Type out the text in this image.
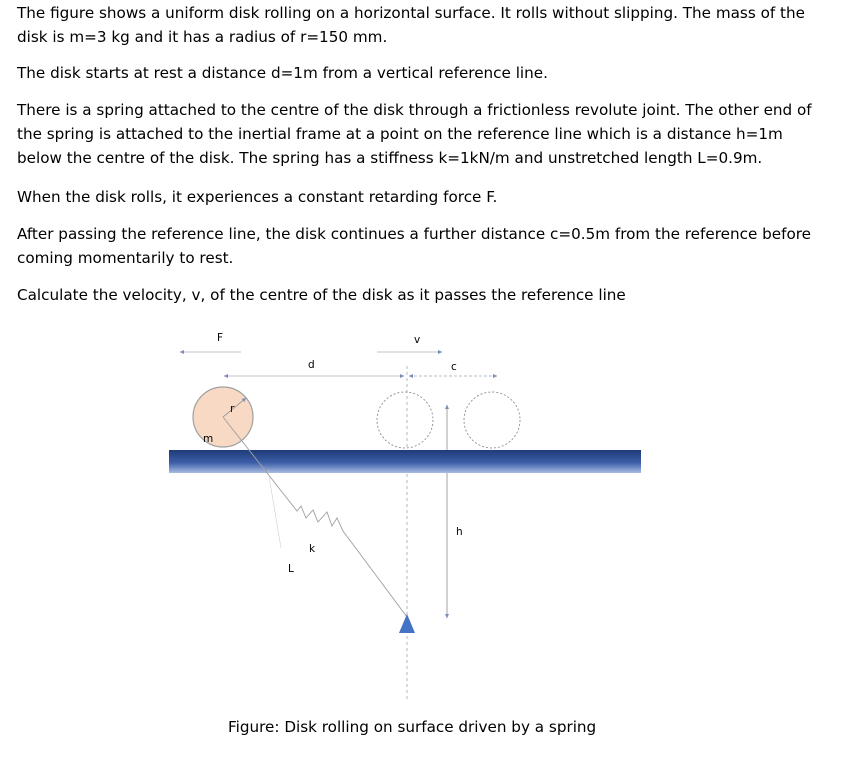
The figure shows a uniform disk rolling on a horizontal surface. It rolls without slipping. The mass of the disk is m=3 kg and it has a radius of r=150 mm.

The disk starts at rest a distance d=1m from a vertical reference line.

There is a spring attached to the centre of the disk through a frictionless revolute joint. The other end of the spring is attached to the inertial frame at a point on the reference line which is a distance h=1m below the centre of the disk. The spring has a stiffness k=1kN/m and unstretched length L=0.9m.

When the disk rolls, it experiences a constant retarding force F.

After passing the reference line, the disk continues a further distance c=0.5m from the reference before coming momentarily to rest.

Calculate the velocity, v, of the centre of the disk as it passes the reference line

F	v
d	c
h
r
m
k
L
Figure: Disk rolling on surface driven by a spring
